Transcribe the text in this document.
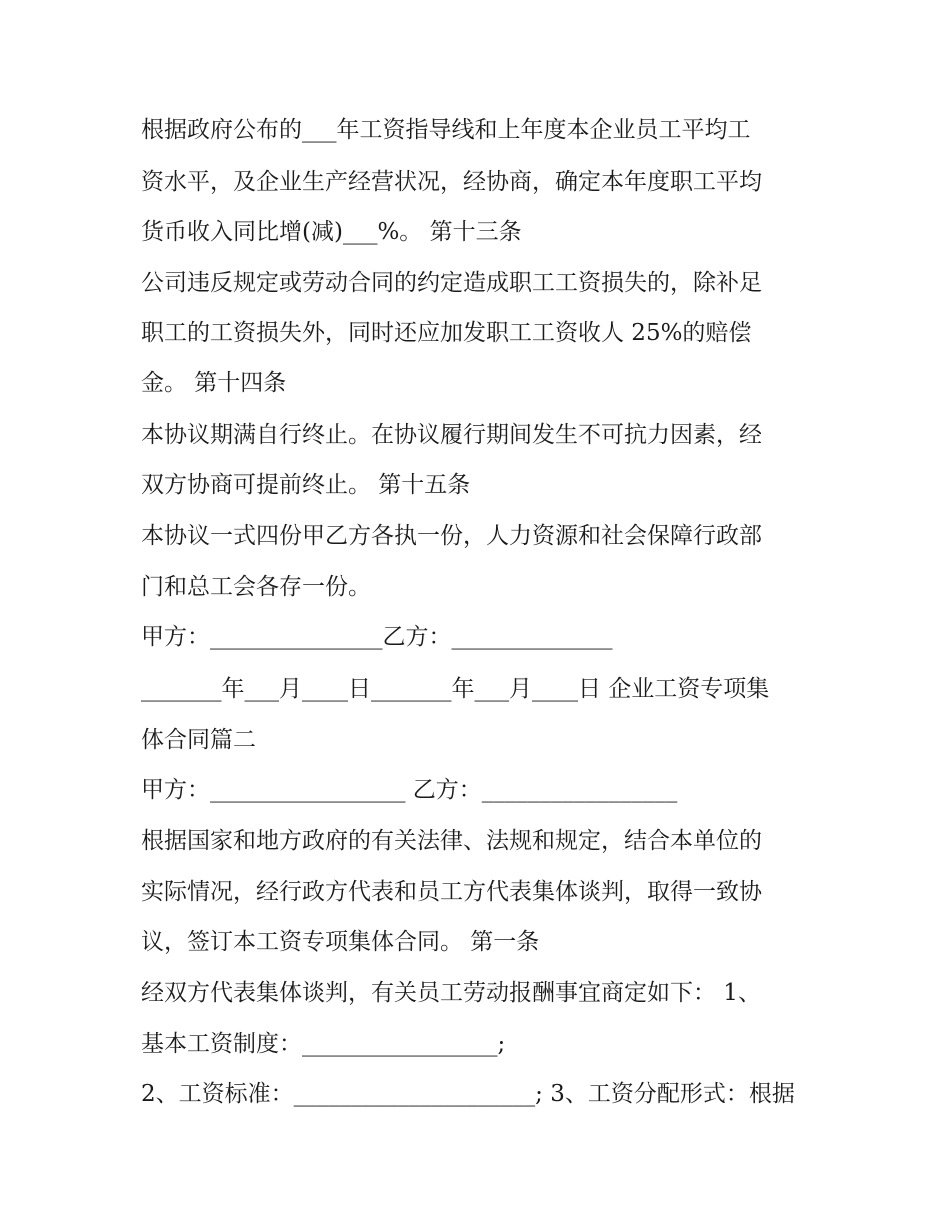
根据政府公布的___年工资指导线和上年度本企业员工平均工
资水平，及企业生产经营状况，经协商，确定本年度职工平均
货币收入同比增(减)___%。 第十三条
公司违反规定或劳动合同的约定造成职工工资损失的，除补足
职工的工资损失外，同时还应加发职工工资收人 25%的赔偿
金。 第十四条
本协议期满自行终止。在协议履行期间发生不可抗力因素，经
双方协商可提前终止。 第十五条
本协议一式四份甲乙方各执一份，人力资源和社会保障行政部
门和总工会各存一份。
甲方：_______________乙方：______________
_______年___月____日_______年___月____日 企业工资专项集
体合同篇二
甲方：_________________ 乙方：_________________
根据国家和地方政府的有关法律、法规和规定，结合本单位的
实际情况，经行政方代表和员工方代表集体谈判，取得一致协
议，签订本工资专项集体合同。 第一条
经双方代表集体谈判，有关员工劳动报酬事宜商定如下： 1、
基本工资制度：_________________;
2、工资标准：_____________________; 3、工资分配形式：根据
